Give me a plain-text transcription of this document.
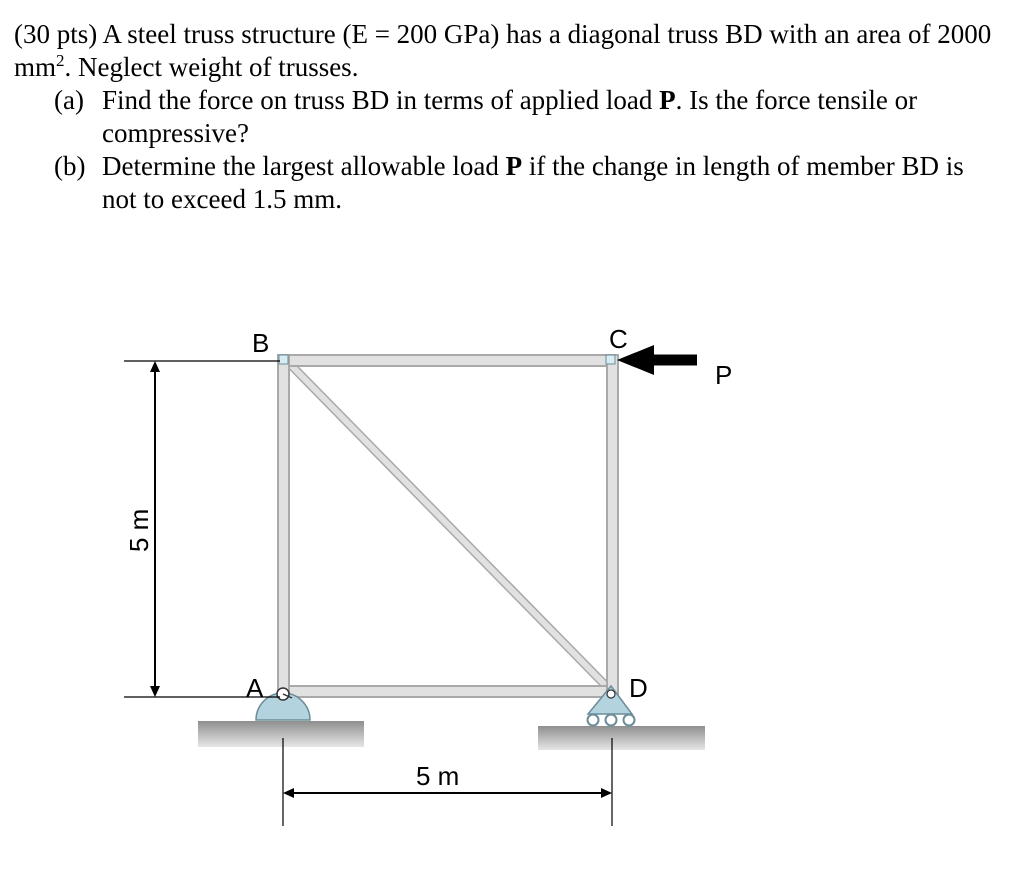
(30 pts) A steel truss structure (E = 200 GPa) has a diagonal truss BD with an area of 2000 $mm^2$. Neglect weight of trusses.

(a) Find the force on truss BD in terms of applied load P. Is the force tensile or compressive?

(b) Determine the largest allowable load P if the change in length of member BD is not to exceed 1.5 mm.

B	C
A	D
P
5 m
5 m
